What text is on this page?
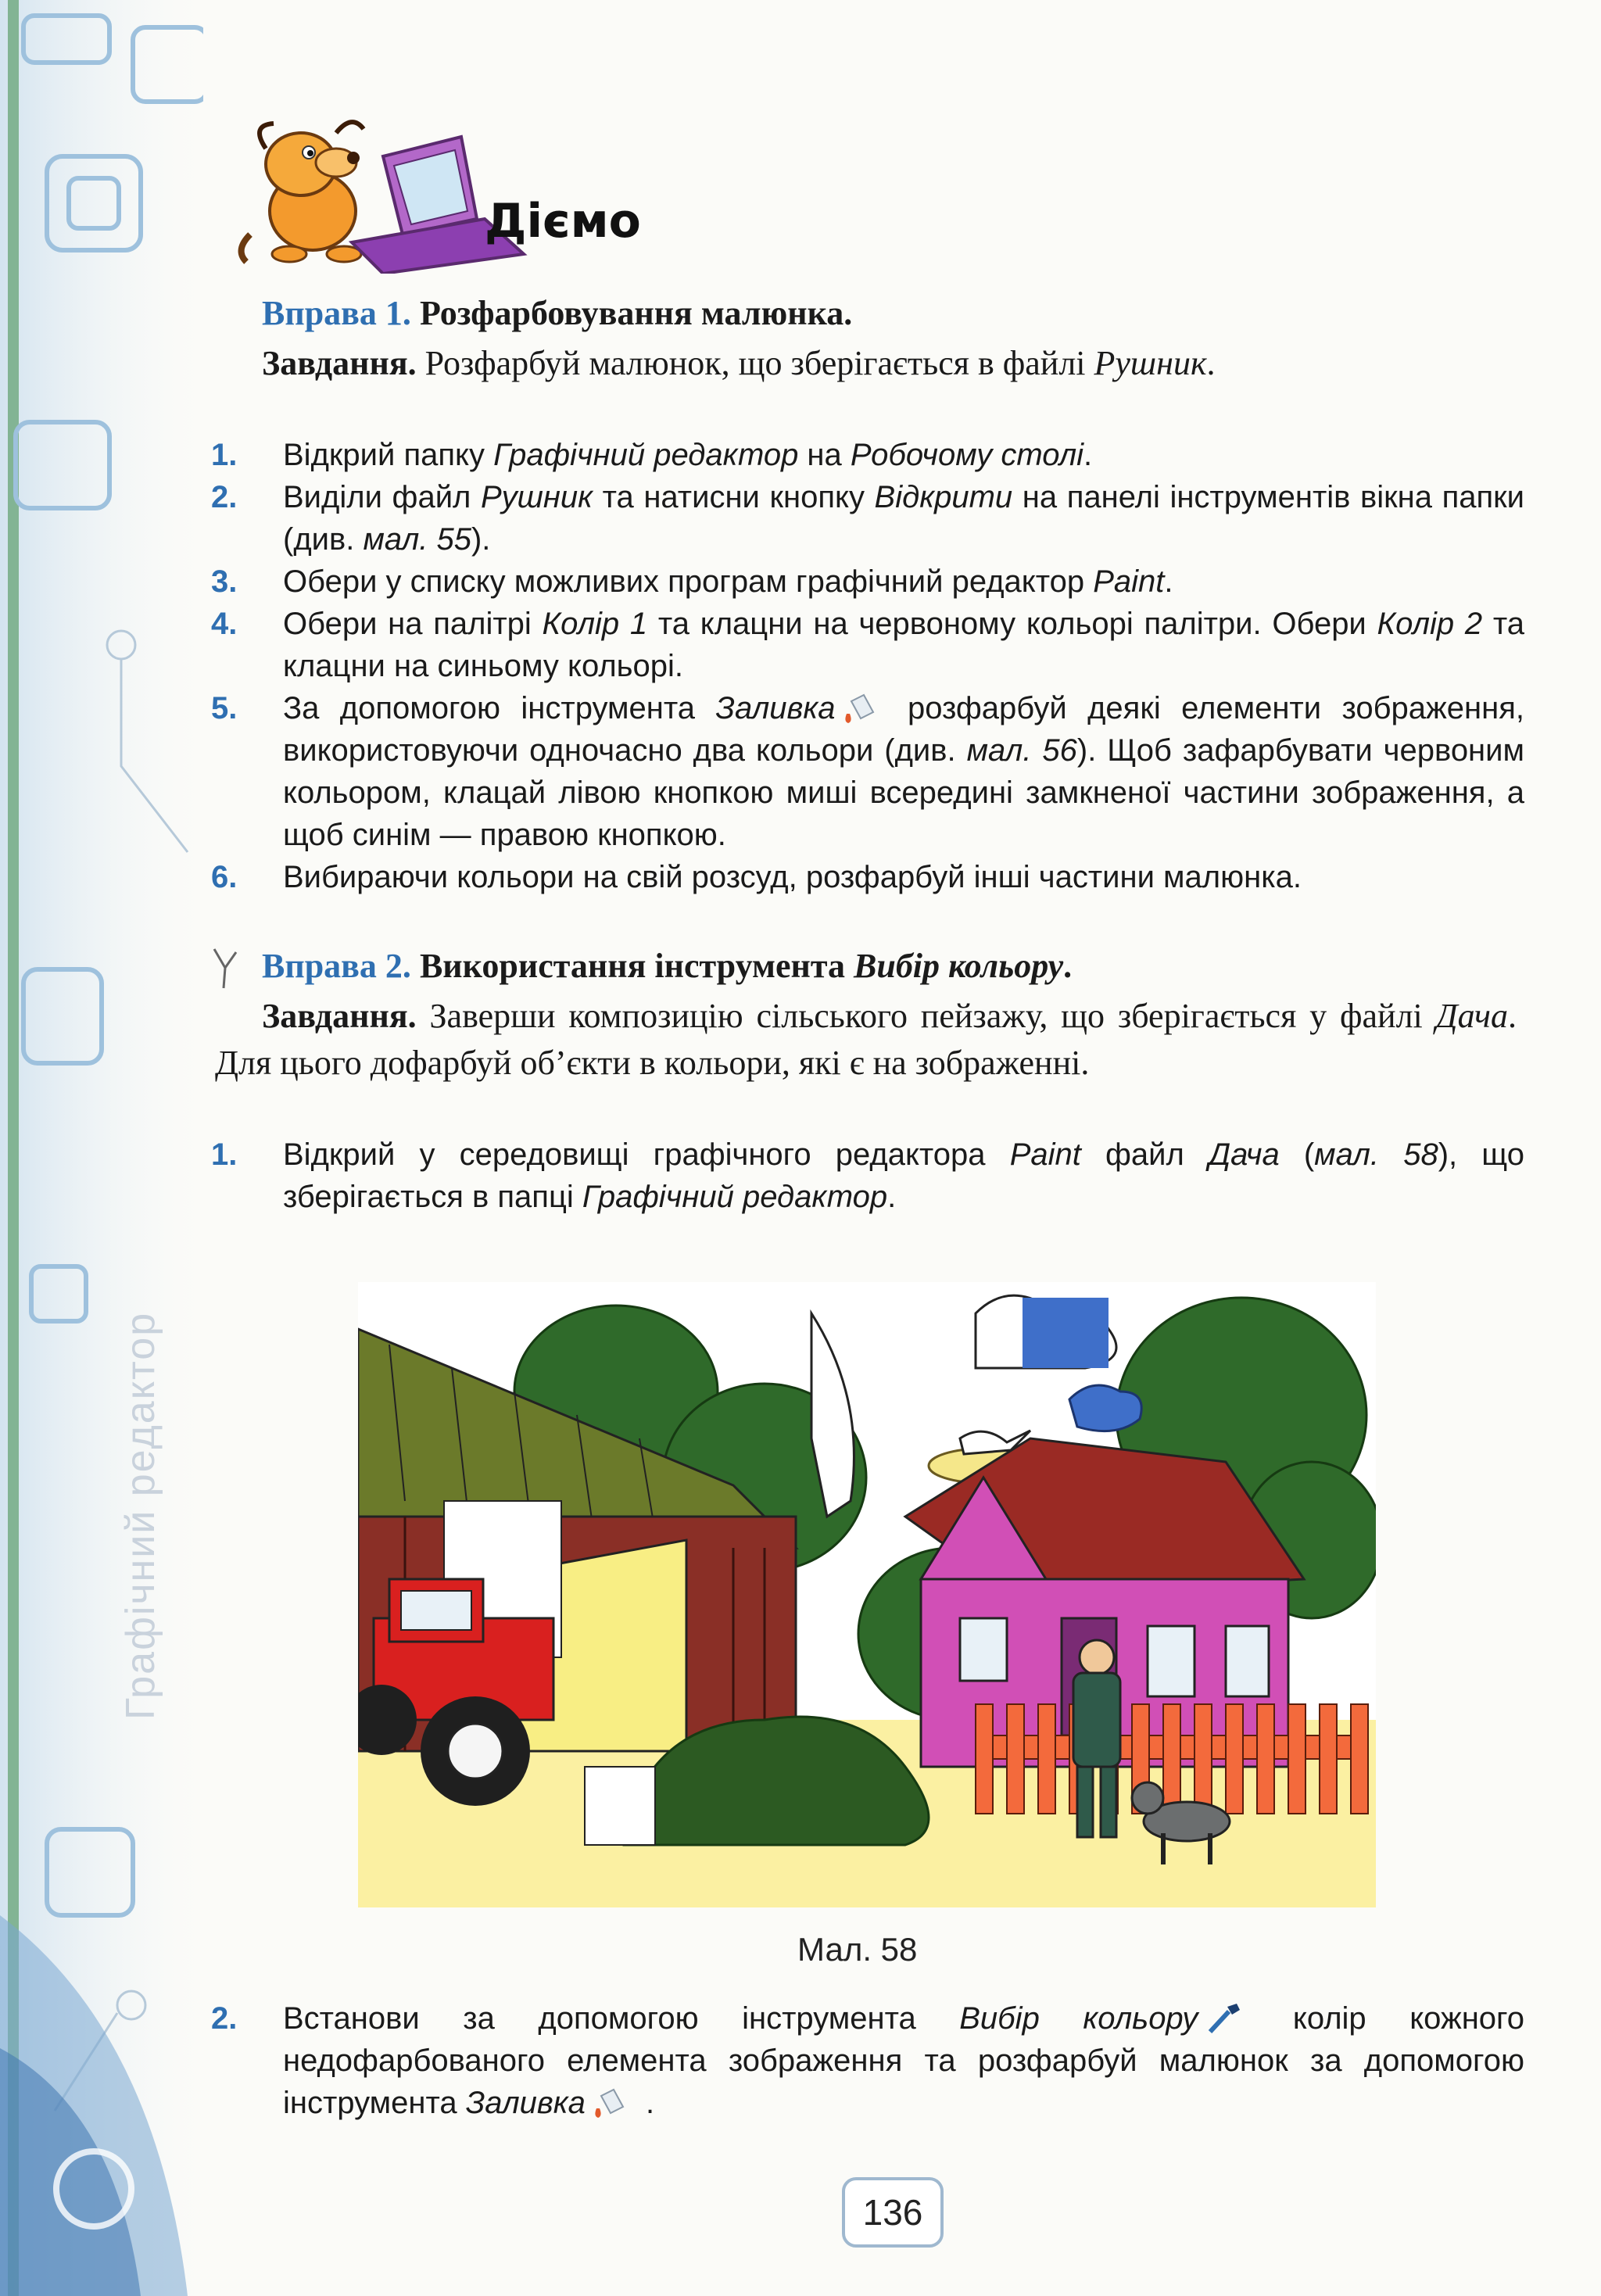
Графічний редактор
Дiємо
Вправа 1. Розфарбовування малюнка.
Завдання. Розфарбуй малюнок, що зберігається в файлі Рушник.
1.	Відкрий папку Графічний редактор на Робочому столі.
2.	Виділи файл Рушник та натисни кнопку Відкрити на панелі інструментів вікна папки (див. мал. 55).
3.	Обери у списку можливих програм графічний редактор Paint.
4.	Обери на палітрі Колір 1 та клацни на червоному кольорі палітри. Обери Колір 2 та клацни на синьому кольорі.
5.	За допомогою інструмента Заливка розфарбуй деякі елементи зображення, використовуючи одночасно два кольори (див. мал. 56). Щоб зафарбувати червоним кольором, клацай лівою кнопкою миші всередині замкненої частини зображення, а щоб синім — правою кнопкою.
6.	Вибираючи кольори на свій розсуд, розфарбуй інші частини малюнка.
Вправа 2. Використання інструмента Вибір кольору.
Завдання. Заверши композицію сільського пейзажу, що зберігається у файлі Дача. Для цього дофарбуй об’єкти в кольори, які є на зображенні.
1.	Відкрий у середовищі графічного редактора Paint файл Дача (мал. 58), що зберігається в папці Графічний редактор.
Мал. 58
2.	Встанови за допомогою інструмента Вибір кольору колір кожного недофарбованого елемента зображення та розфарбуй малюнок за допомогою інструмента Заливка .
136
